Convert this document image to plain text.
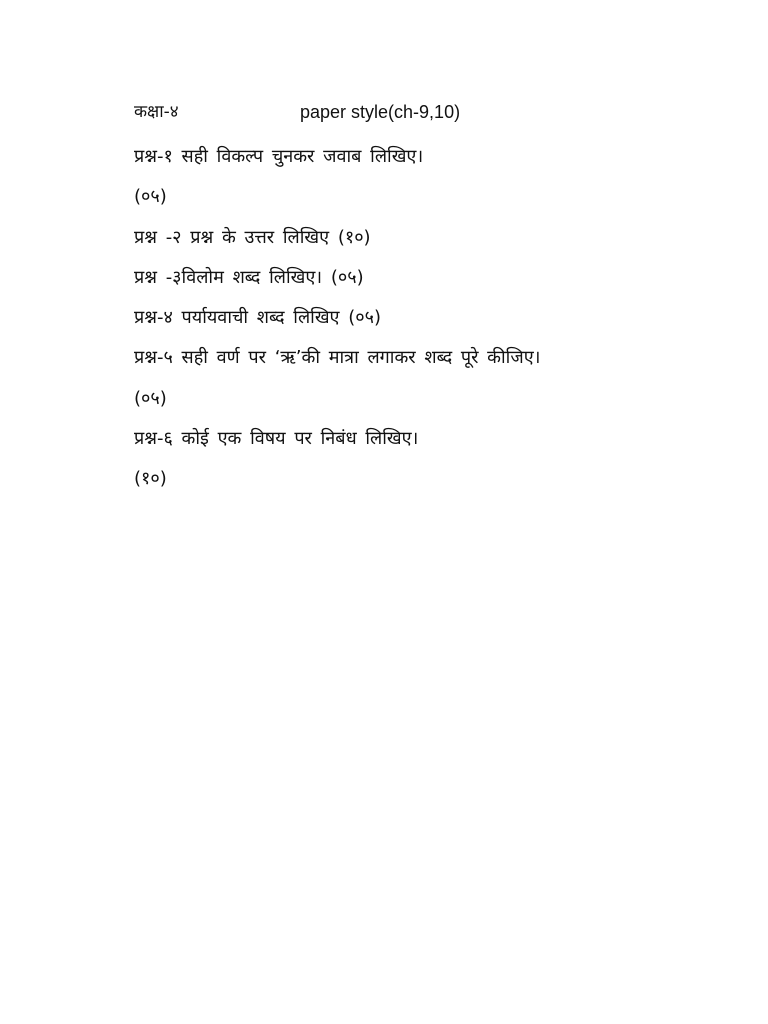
कक्षा-४	paper style(ch-9,10)
प्रश्न-१ सही विकल्प चुनकर जवाब लिखिए।
(०५)
प्रश्न -२ प्रश्न के उत्तर लिखिए (१०)
प्रश्न -३विलोम शब्द लिखिए। (०५)
प्रश्न-४ पर्यायवाची शब्द लिखिए (०५)
प्रश्न-५ सही वर्ण पर ‘ऋ’की मात्रा लगाकर शब्द पूरे कीजिए।
(०५)
प्रश्न-६ कोई एक विषय पर निबंध लिखिए।
(१०)
